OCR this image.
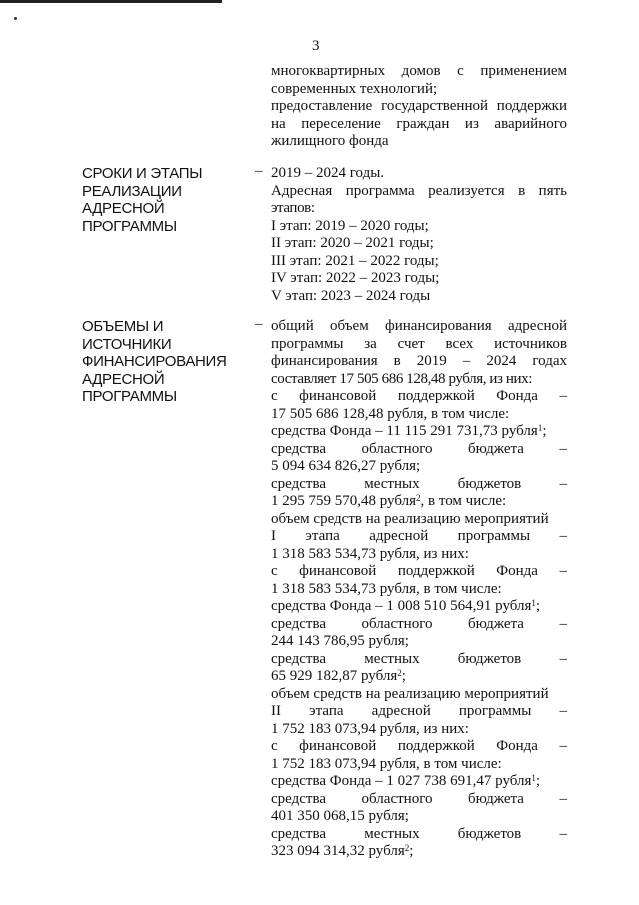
3
многоквартирных домов с применением
современных технологий;
предоставление государственной поддержки
на переселение граждан из аварийного
жилищного фонда
СРОКИ И ЭТАПЫ
РЕАЛИЗАЦИИ
АДРЕСНОЙ
ПРОГРАММЫ
– 2019 – 2024 годы.
Адресная программа реализуется в пять
этапов:
I этап: 2019 – 2020 годы;
II этап: 2020 – 2021 годы;
III этап: 2021 – 2022 годы;
IV этап: 2022 – 2023 годы;
V этап: 2023 – 2024 годы
ОБЪЕМЫ И
ИСТОЧНИКИ
ФИНАНСИРОВАНИЯ
АДРЕСНОЙ
ПРОГРАММЫ
– общий объем финансирования адресной
программы за счет всех источников
финансирования в 2019 – 2024 годах
составляет 17 505 686 128,48 рубля, из них:
с финансовой поддержкой Фонда –
17 505 686 128,48 рубля, в том числе:
средства Фонда – 11 115 291 731,73 рубля$^1$;
средства областного бюджета –
5 094 634 826,27 рубля;
средства местных бюджетов –
1 295 759 570,48 рубля$^2$, в том числе:
объем средств на реализацию мероприятий
I этапа адресной программы –
1 318 583 534,73 рубля, из них:
с финансовой поддержкой Фонда –
1 318 583 534,73 рубля, в том числе:
средства Фонда – 1 008 510 564,91 рубля$^1$;
средства областного бюджета –
244 143 786,95 рубля;
средства местных бюджетов –
65 929 182,87 рубля$^2$;
объем средств на реализацию мероприятий
II этапа адресной программы –
1 752 183 073,94 рубля, из них:
с финансовой поддержкой Фонда –
1 752 183 073,94 рубля, в том числе:
средства Фонда – 1 027 738 691,47 рубля$^1$;
средства областного бюджета –
401 350 068,15 рубля;
средства местных бюджетов –
323 094 314,32 рубля$^2$;
